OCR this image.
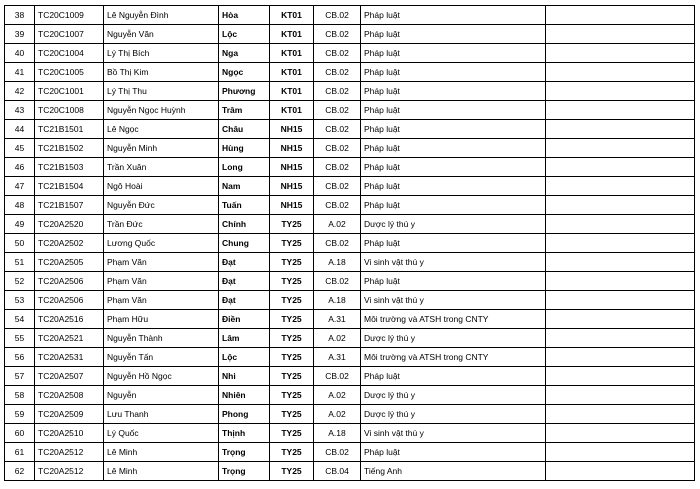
38	TC20C1009	Lê Nguyễn Đình	Hòa	KT01	CB.02	Pháp luật	
39	TC20C1007	Nguyễn Văn	Lộc	KT01	CB.02	Pháp luật	
40	TC20C1004	Lý Thị Bích	Nga	KT01	CB.02	Pháp luật	
41	TC20C1005	Bồ Thị Kim	Ngọc	KT01	CB.02	Pháp luật	
42	TC20C1001	Lý Thị Thu	Phương	KT01	CB.02	Pháp luật	
43	TC20C1008	Nguyễn Ngọc Huỳnh	Trâm	KT01	CB.02	Pháp luật	
44	TC21B1501	Lê Ngọc	Châu	NH15	CB.02	Pháp luật	
45	TC21B1502	Nguyễn Minh	Hùng	NH15	CB.02	Pháp luật	
46	TC21B1503	Trần Xuân	Long	NH15	CB.02	Pháp luật	
47	TC21B1504	Ngô Hoài	Nam	NH15	CB.02	Pháp luật	
48	TC21B1507	Nguyễn Đức	Tuấn	NH15	CB.02	Pháp luật	
49	TC20A2520	Trần Đức	Chính	TY25	A.02	Dược lý thú y	
50	TC20A2502	Lương Quốc	Chung	TY25	CB.02	Pháp luật	
51	TC20A2505	Phạm Văn	Đạt	TY25	A.18	Vi sinh vật thú y	
52	TC20A2506	Phạm Văn	Đạt	TY25	CB.02	Pháp luật	
53	TC20A2506	Phạm Văn	Đạt	TY25	A.18	Vi sinh vật thú y	
54	TC20A2516	Phạm Hữu	Điền	TY25	A.31	Môi trường và ATSH trong CNTY	
55	TC20A2521	Nguyễn Thành	Lâm	TY25	A.02	Dược lý thú y	
56	TC20A2531	Nguyễn Tấn	Lộc	TY25	A.31	Môi trường và ATSH trong CNTY	
57	TC20A2507	Nguyễn Hồ Ngọc	Nhi	TY25	CB.02	Pháp luật	
58	TC20A2508	Nguyễn	Nhiên	TY25	A.02	Dược lý thú y	
59	TC20A2509	Lưu Thanh	Phong	TY25	A.02	Dược lý thú y	
60	TC20A2510	Lý Quốc	Thịnh	TY25	A.18	Vi sinh vật thú y	
61	TC20A2512	Lê Minh	Trọng	TY25	CB.02	Pháp luật	
62	TC20A2512	Lê Minh	Trọng	TY25	CB.04	Tiếng Anh	
